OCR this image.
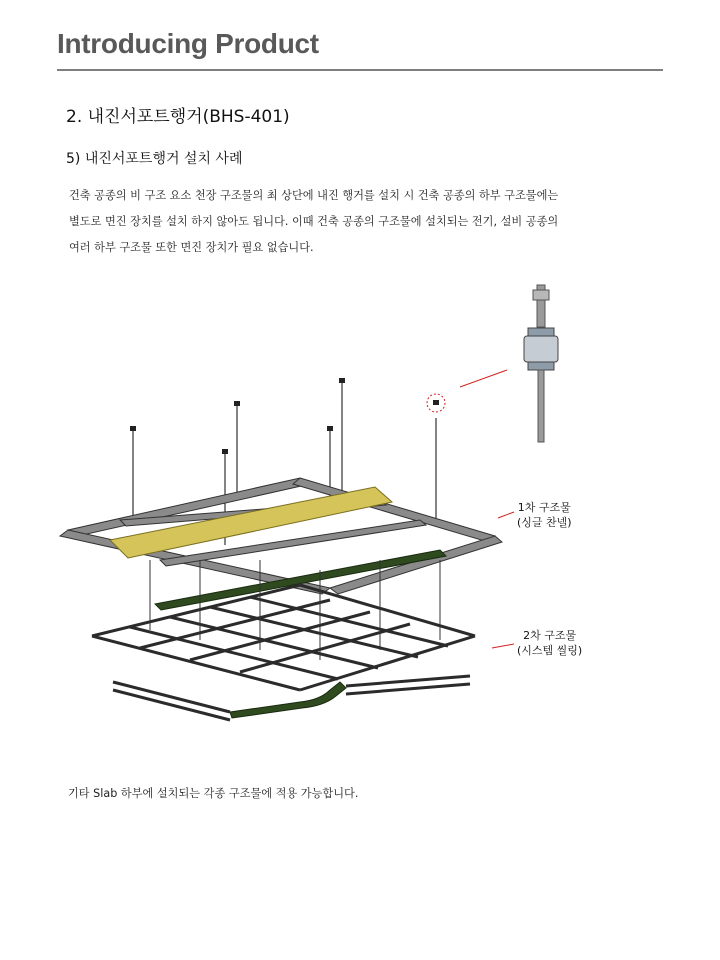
Introducing Product
2. 내진서포트행거(BHS-401)
5) 내진서포트행거 설치 사례
건축 공종의 비 구조 요소 천장 구조물의 최 상단에 내진 행거를 설치 시 건축 공종의 하부 구조물에는
별도로 면진 장치를 설치 하지 않아도 됩니다. 이때 건축 공종의 구조물에 설치되는 전기, 설비 공종의
여러 하부 구조물 또한 면진 장치가 필요 없습니다.
1차 구조물
(싱글 찬넬)
2차 구조물
(시스템 씰링)
기타 Slab 하부에 설치되는 각종 구조물에 적용 가능합니다.
